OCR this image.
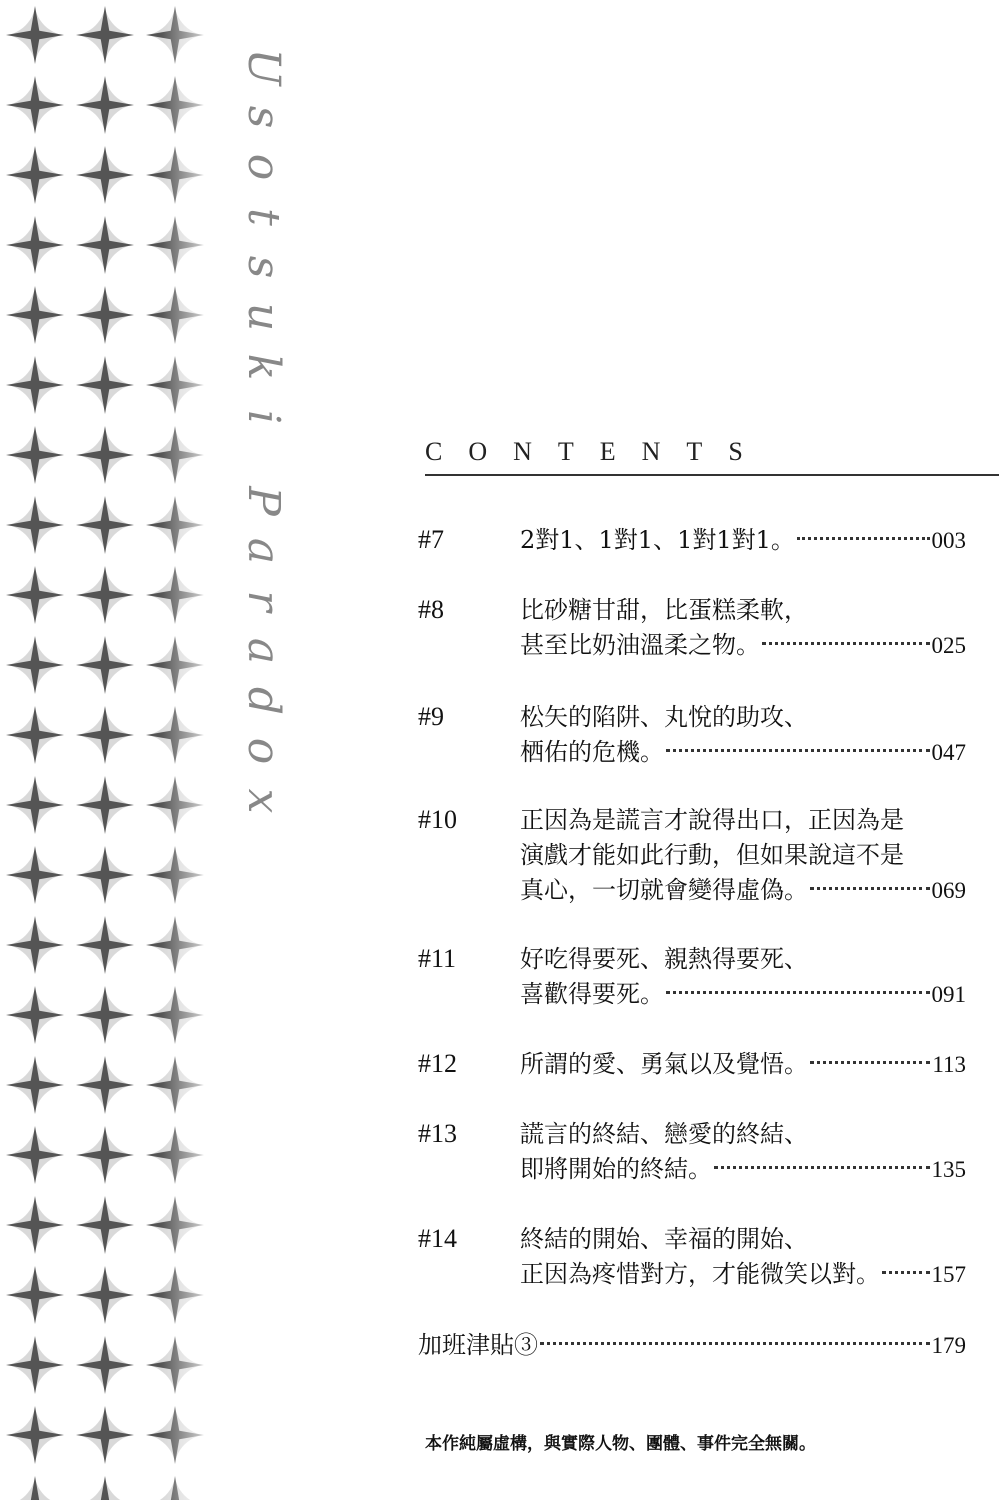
U
s
o
t
s
u
k
i
P
a
r
a
d
o
x
CONTENTS
#7	2對1、1對1、1對1對1。	003
#8	比砂糖甘甜，比蛋糕柔軟，
甚至比奶油溫柔之物。	025
#9	松矢的陷阱、丸悅的助攻、
栖佑的危機。	047
#10	正因為是謊言才說得出口，正因為是
演戲才能如此行動，但如果說這不是
真心，一切就會變得虛偽。	069
#11	好吃得要死、親熱得要死、
喜歡得要死。	091
#12	所謂的愛、勇氣以及覺悟。	113
#13	謊言的終結、戀愛的終結、
即將開始的終結。	135
#14	終結的開始、幸福的開始、
正因為疼惜對方，才能微笑以對。 157
加班津貼③	179
本作純屬虛構，與實際人物、團體、事件完全無關。
